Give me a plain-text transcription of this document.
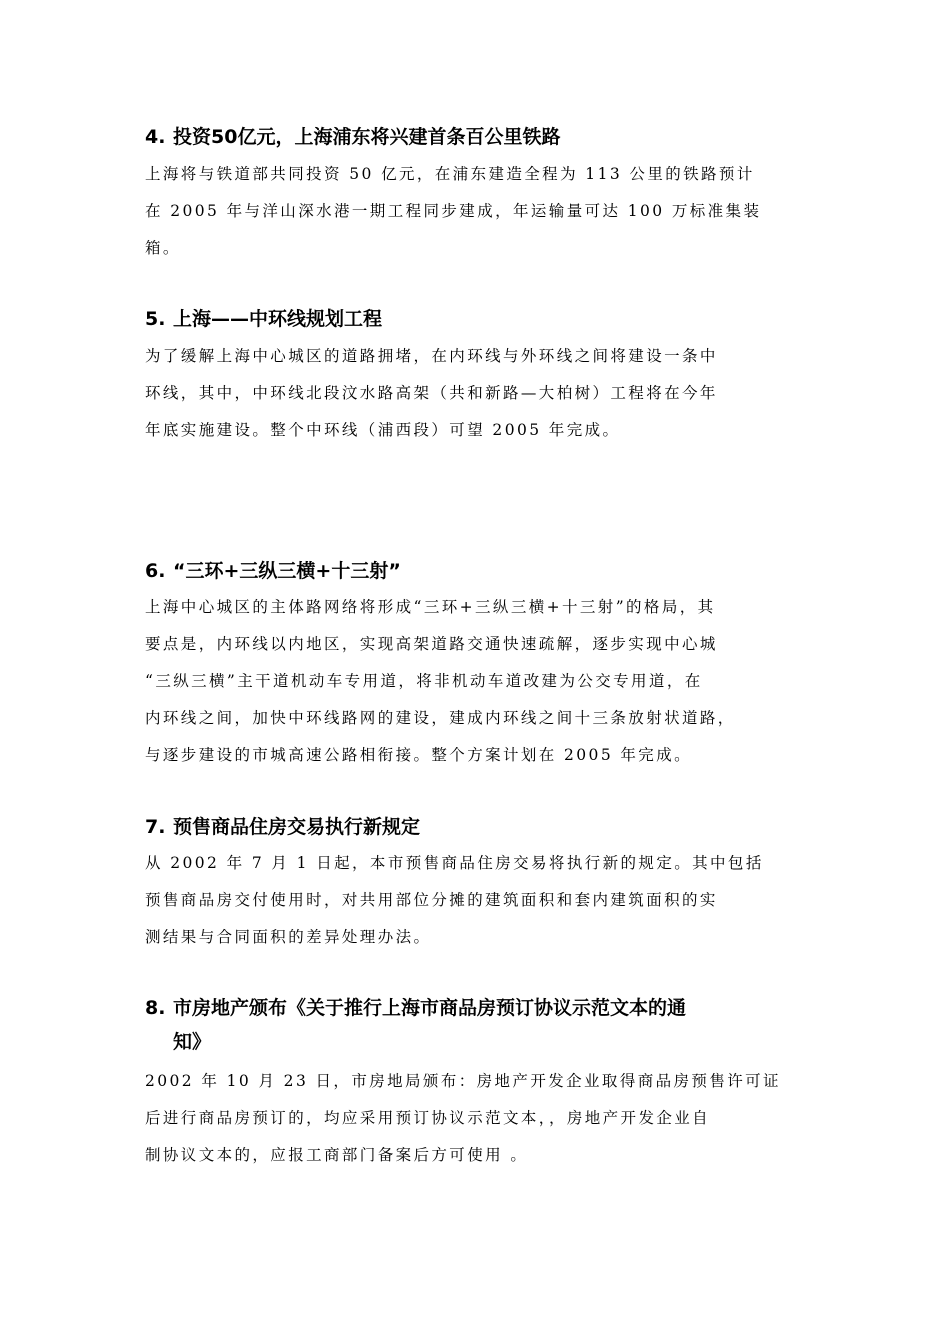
4. 投资50亿元，上海浦东将兴建首条百公里铁路
上海将与铁道部共同投资 50 亿元，在浦东建造全程为 113 公里的铁路预计
在 2005 年与洋山深水港一期工程同步建成，年运输量可达 100 万标准集装
箱。
5. 上海——中环线规划工程
为了缓解上海中心城区的道路拥堵，在内环线与外环线之间将建设一条中
环线，其中，中环线北段汶水路高架（共和新路—大柏树）工程将在今年
年底实施建设。整个中环线（浦西段）可望 2005 年完成。
6. “三环+三纵三横+十三射”
上海中心城区的主体路网络将形成“三环+三纵三横+十三射”的格局，其
要点是，内环线以内地区，实现高架道路交通快速疏解，逐步实现中心城
“三纵三横”主干道机动车专用道，将非机动车道改建为公交专用道，在
内环线之间，加快中环线路网的建设，建成内环线之间十三条放射状道路，
与逐步建设的市城高速公路相衔接。整个方案计划在 2005 年完成。
7. 预售商品住房交易执行新规定
从 2002 年 7 月 1 日起，本市预售商品住房交易将执行新的规定。其中包括
预售商品房交付使用时，对共用部位分摊的建筑面积和套内建筑面积的实
测结果与合同面积的差异处理办法。
8. 市房地产颁布《关于推行上海市商品房预订协议示范文本的通
知》
2002 年 10 月 23 日，市房地局颁布：房地产开发企业取得商品房预售许可证
后进行商品房预订的，均应采用预订协议示范文本，，房地产开发企业自
制协议文本的，应报工商部门备案后方可使用 。
